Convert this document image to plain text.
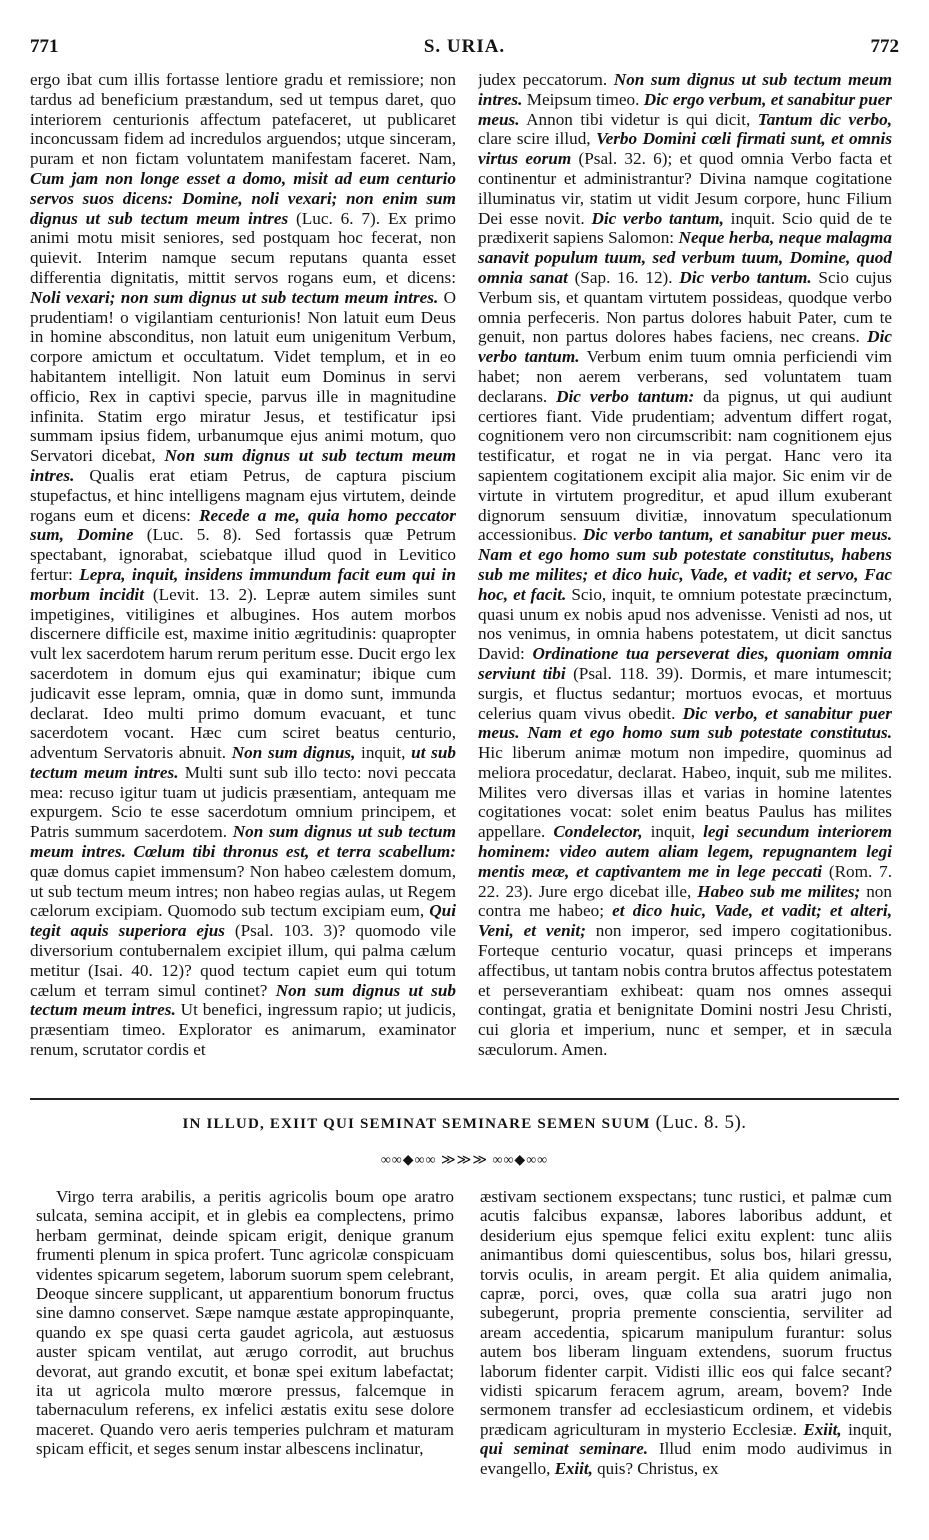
771	S. URIA.	772

ergo ibat cum illis fortasse lentiore gradu et remissiore; non tardus ad beneficium præstandum, sed ut tempus daret, quo interiorem centurionis affectum patefaceret, ut publicaret inconcussam fidem ad incredulos arguendos; utque sinceram, puram et non fictam voluntatem manifestam faceret. Nam, Cum jam non longe esset a domo, misit ad eum centurio servos suos dicens: Domine, noli vexari; non enim sum dignus ut sub tectum meum intres (Luc. 6. 7). Ex primo animi motu misit seniores, sed postquam hoc fecerat, non quievit. Interim namque secum reputans quanta esset differentia dignitatis, mittit servos rogans eum, et dicens: Noli vexari; non sum dignus ut sub tectum meum intres. O prudentiam! o vigilantiam centurionis! Non latuit eum Deus in homine absconditus, non latuit eum unigenitum Verbum, corpore amictum et occultatum. Videt templum, et in eo habitantem intelligit. Non latuit eum Dominus in servi officio, Rex in captivi specie, parvus ille in magnitudine infinita. Statim ergo miratur Jesus, et testificatur ipsi summam ipsius fidem, urbanumque ejus animi motum, quo Servatori dicebat, Non sum dignus ut sub tectum meum intres. Qualis erat etiam Petrus, de captura piscium stupefactus, et hinc intelligens magnam ejus virtutem, deinde rogans eum et dicens: Recede a me, quia homo peccator sum, Domine (Luc. 5. 8). Sed fortassis quæ Petrum spectabant, ignorabat, sciebatque illud quod in Levitico fertur: Lepra, inquit, insidens immundum facit eum qui in morbum incidit (Levit. 13. 2). Lepræ autem similes sunt impetigines, vitiligines et albugines. Hos autem morbos discernere difficile est, maxime initio ægritudinis: quapropter vult lex sacerdotem harum rerum peritum esse. Ducit ergo lex sacerdotem in domum ejus qui examinatur; ibique cum judicavit esse lepram, omnia, quæ in domo sunt, immunda declarat. Ideo multi primo domum evacuant, et tunc sacerdotem vocant. Hæc cum sciret beatus centurio, adventum Servatoris abnuit. Non sum dignus, inquit, ut sub tectum meum intres. Multi sunt sub illo tecto: novi peccata mea: recuso igitur tuam ut judicis præsentiam, antequam me expurgem. Scio te esse sacerdotum omnium principem, et Patris summum sacerdotem. Non sum dignus ut sub tectum meum intres. Cœlum tibi thronus est, et terra scabellum: quæ domus capiet immensum? Non habeo cælestem domum, ut sub tectum meum intres; non habeo regias aulas, ut Regem cælorum excipiam. Quomodo sub tectum excipiam eum, Qui tegit aquis superiora ejus (Psal. 103. 3)? quomodo vile diversorium contubernalem excipiet illum, qui palma cælum metitur (Isai. 40. 12)? quod tectum capiet eum qui totum cælum et terram simul continet? Non sum dignus ut sub tectum meum intres. Ut benefici, ingressum rapio; ut judicis, præsentiam timeo. Explorator es animarum, examinator renum, scrutator cordis et

judex peccatorum. Non sum dignus ut sub tectum meum intres. Meipsum timeo. Dic ergo verbum, et sanabitur puer meus. Annon tibi videtur is qui dicit, Tantum dic verbo, clare scire illud, Verbo Domini cœli firmati sunt, et omnis virtus eorum (Psal. 32. 6); et quod omnia Verbo facta et continentur et administrantur? Divina namque cogitatione illuminatus vir, statim ut vidit Jesum corpore, hunc Filium Dei esse novit. Dic verbo tantum, inquit. Scio quid de te prædixerit sapiens Salomon: Neque herba, neque malagma sanavit populum tuum, sed verbum tuum, Domine, quod omnia sanat (Sap. 16. 12). Dic verbo tantum. Scio cujus Verbum sis, et quantam virtutem possideas, quodque verbo omnia perfeceris. Non partus dolores habuit Pater, cum te genuit, non partus dolores habes faciens, nec creans. Dic verbo tantum. Verbum enim tuum omnia perficiendi vim habet; non aerem verberans, sed voluntatem tuam declarans. Dic verbo tantum: da pignus, ut qui audiunt certiores fiant. Vide prudentiam; adventum differt rogat, cognitionem vero non circumscribit: nam cognitionem ejus testificatur, et rogat ne in via pergat. Hanc vero ita sapientem cogitationem excipit alia major. Sic enim vir de virtute in virtutem progreditur, et apud illum exuberant dignorum sensuum divitiæ, innovatum speculationum accessionibus. Dic verbo tantum, et sanabitur puer meus. Nam et ego homo sum sub potestate constitutus, habens sub me milites; et dico huic, Vade, et vadit; et servo, Fac hoc, et facit. Scio, inquit, te omnium potestate præcinctum, quasi unum ex nobis apud nos advenisse. Venisti ad nos, ut nos venimus, in omnia habens potestatem, ut dicit sanctus David: Ordinatione tua perseverat dies, quoniam omnia serviunt tibi (Psal. 118. 39). Dormis, et mare intumescit; surgis, et fluctus sedantur; mortuos evocas, et mortuus celerius quam vivus obedit. Dic verbo, et sanabitur puer meus. Nam et ego homo sum sub potestate constitutus. Hic liberum animæ motum non impedire, quominus ad meliora procedatur, declarat. Habeo, inquit, sub me milites. Milites vero diversas illas et varias in homine latentes cogitationes vocat: solet enim beatus Paulus has milites appellare. Condelector, inquit, legi secundum interiorem hominem: video autem aliam legem, repugnantem legi mentis meæ, et captivantem me in lege peccati (Rom. 7. 22. 23). Jure ergo dicebat ille, Habeo sub me milites; non contra me habeo; et dico huic, Vade, et vadit; et alteri, Veni, et venit; non imperor, sed impero cogitationibus. Forteque centurio vocatur, quasi princeps et imperans affectibus, ut tantam nobis contra brutos affectus potestatem et perseverantiam exhibeat: quam nos omnes assequi contingat, gratia et benignitate Domini nostri Jesu Christi, cui gloria et imperium, nunc et semper, et in sæcula sæculorum. Amen.

IN ILLUD, EXIIT QUI SEMINAT SEMINARE SEMEN SUUM (Luc. 8. 5).
∞∞◆∞∞ ≫≫≫ ∞∞◆∞∞

Virgo terra arabilis, a peritis agricolis boum ope aratro sulcata, semina accipit, et in glebis ea complectens, primo herbam germinat, deinde spicam erigit, denique granum frumenti plenum in spica profert. Tunc agricolæ conspicuam videntes spicarum segetem, laborum suorum spem celebrant, Deoque sincere supplicant, ut apparentium bonorum fructus sine damno conservet. Sæpe namque æstate appropinquante, quando ex spe quasi certa gaudet agricola, aut æstuosus auster spicam ventilat, aut ærugo corrodit, aut bruchus devorat, aut grando excutit, et bonæ spei exitum labefactat; ita ut agricola multo mœrore pressus, falcemque in tabernaculum referens, ex infelici æstatis exitu sese dolore maceret. Quando vero aeris temperies pulchram et maturam spicam efficit, et seges senum instar albescens inclinatur,

æstivam sectionem exspectans; tunc rustici, et palmæ cum acutis falcibus expansæ, labores laboribus addunt, et desiderium ejus spemque felici exitu explent: tunc aliis animantibus domi quiescentibus, solus bos, hilari gressu, torvis oculis, in aream pergit. Et alia quidem animalia, capræ, porci, oves, quæ colla sua aratri jugo non subegerunt, propria premente conscientia, serviliter ad aream accedentia, spicarum manipulum furantur: solus autem bos liberam linguam extendens, suorum fructus laborum fidenter carpit. Vidisti illic eos qui falce secant? vidisti spicarum feracem agrum, aream, bovem? Inde sermonem transfer ad ecclesiasticum ordinem, et videbis prædicam agriculturam in mysterio Ecclesiæ. Exiit, inquit, qui seminat seminare. Illud enim modo audivimus in evangello, Exiit, quis? Christus, ex
